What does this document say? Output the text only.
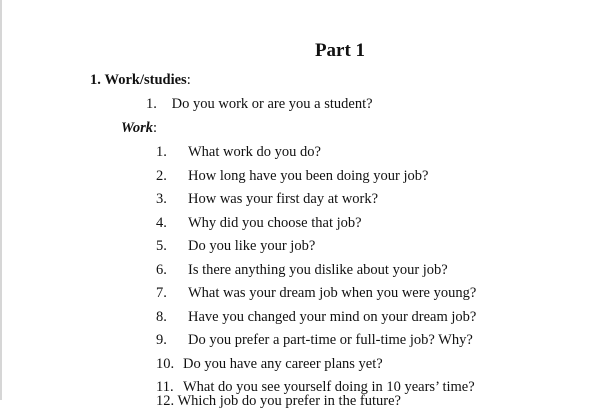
Part 1
1. Work/studies:
1. Do you work or are you a student?
Work:
1. What work do you do?
2. How long have you been doing your job?
3. How was your first day at work?
4. Why did you choose that job?
5. Do you like your job?
6. Is there anything you dislike about your job?
7. What was your dream job when you were young?
8. Have you changed your mind on your dream job?
9. Do you prefer a part-time or full-time job? Why?
10. Do you have any career plans yet?
11. What do you see yourself doing in 10 years’ time?
12. Which job do you prefer in the future?
